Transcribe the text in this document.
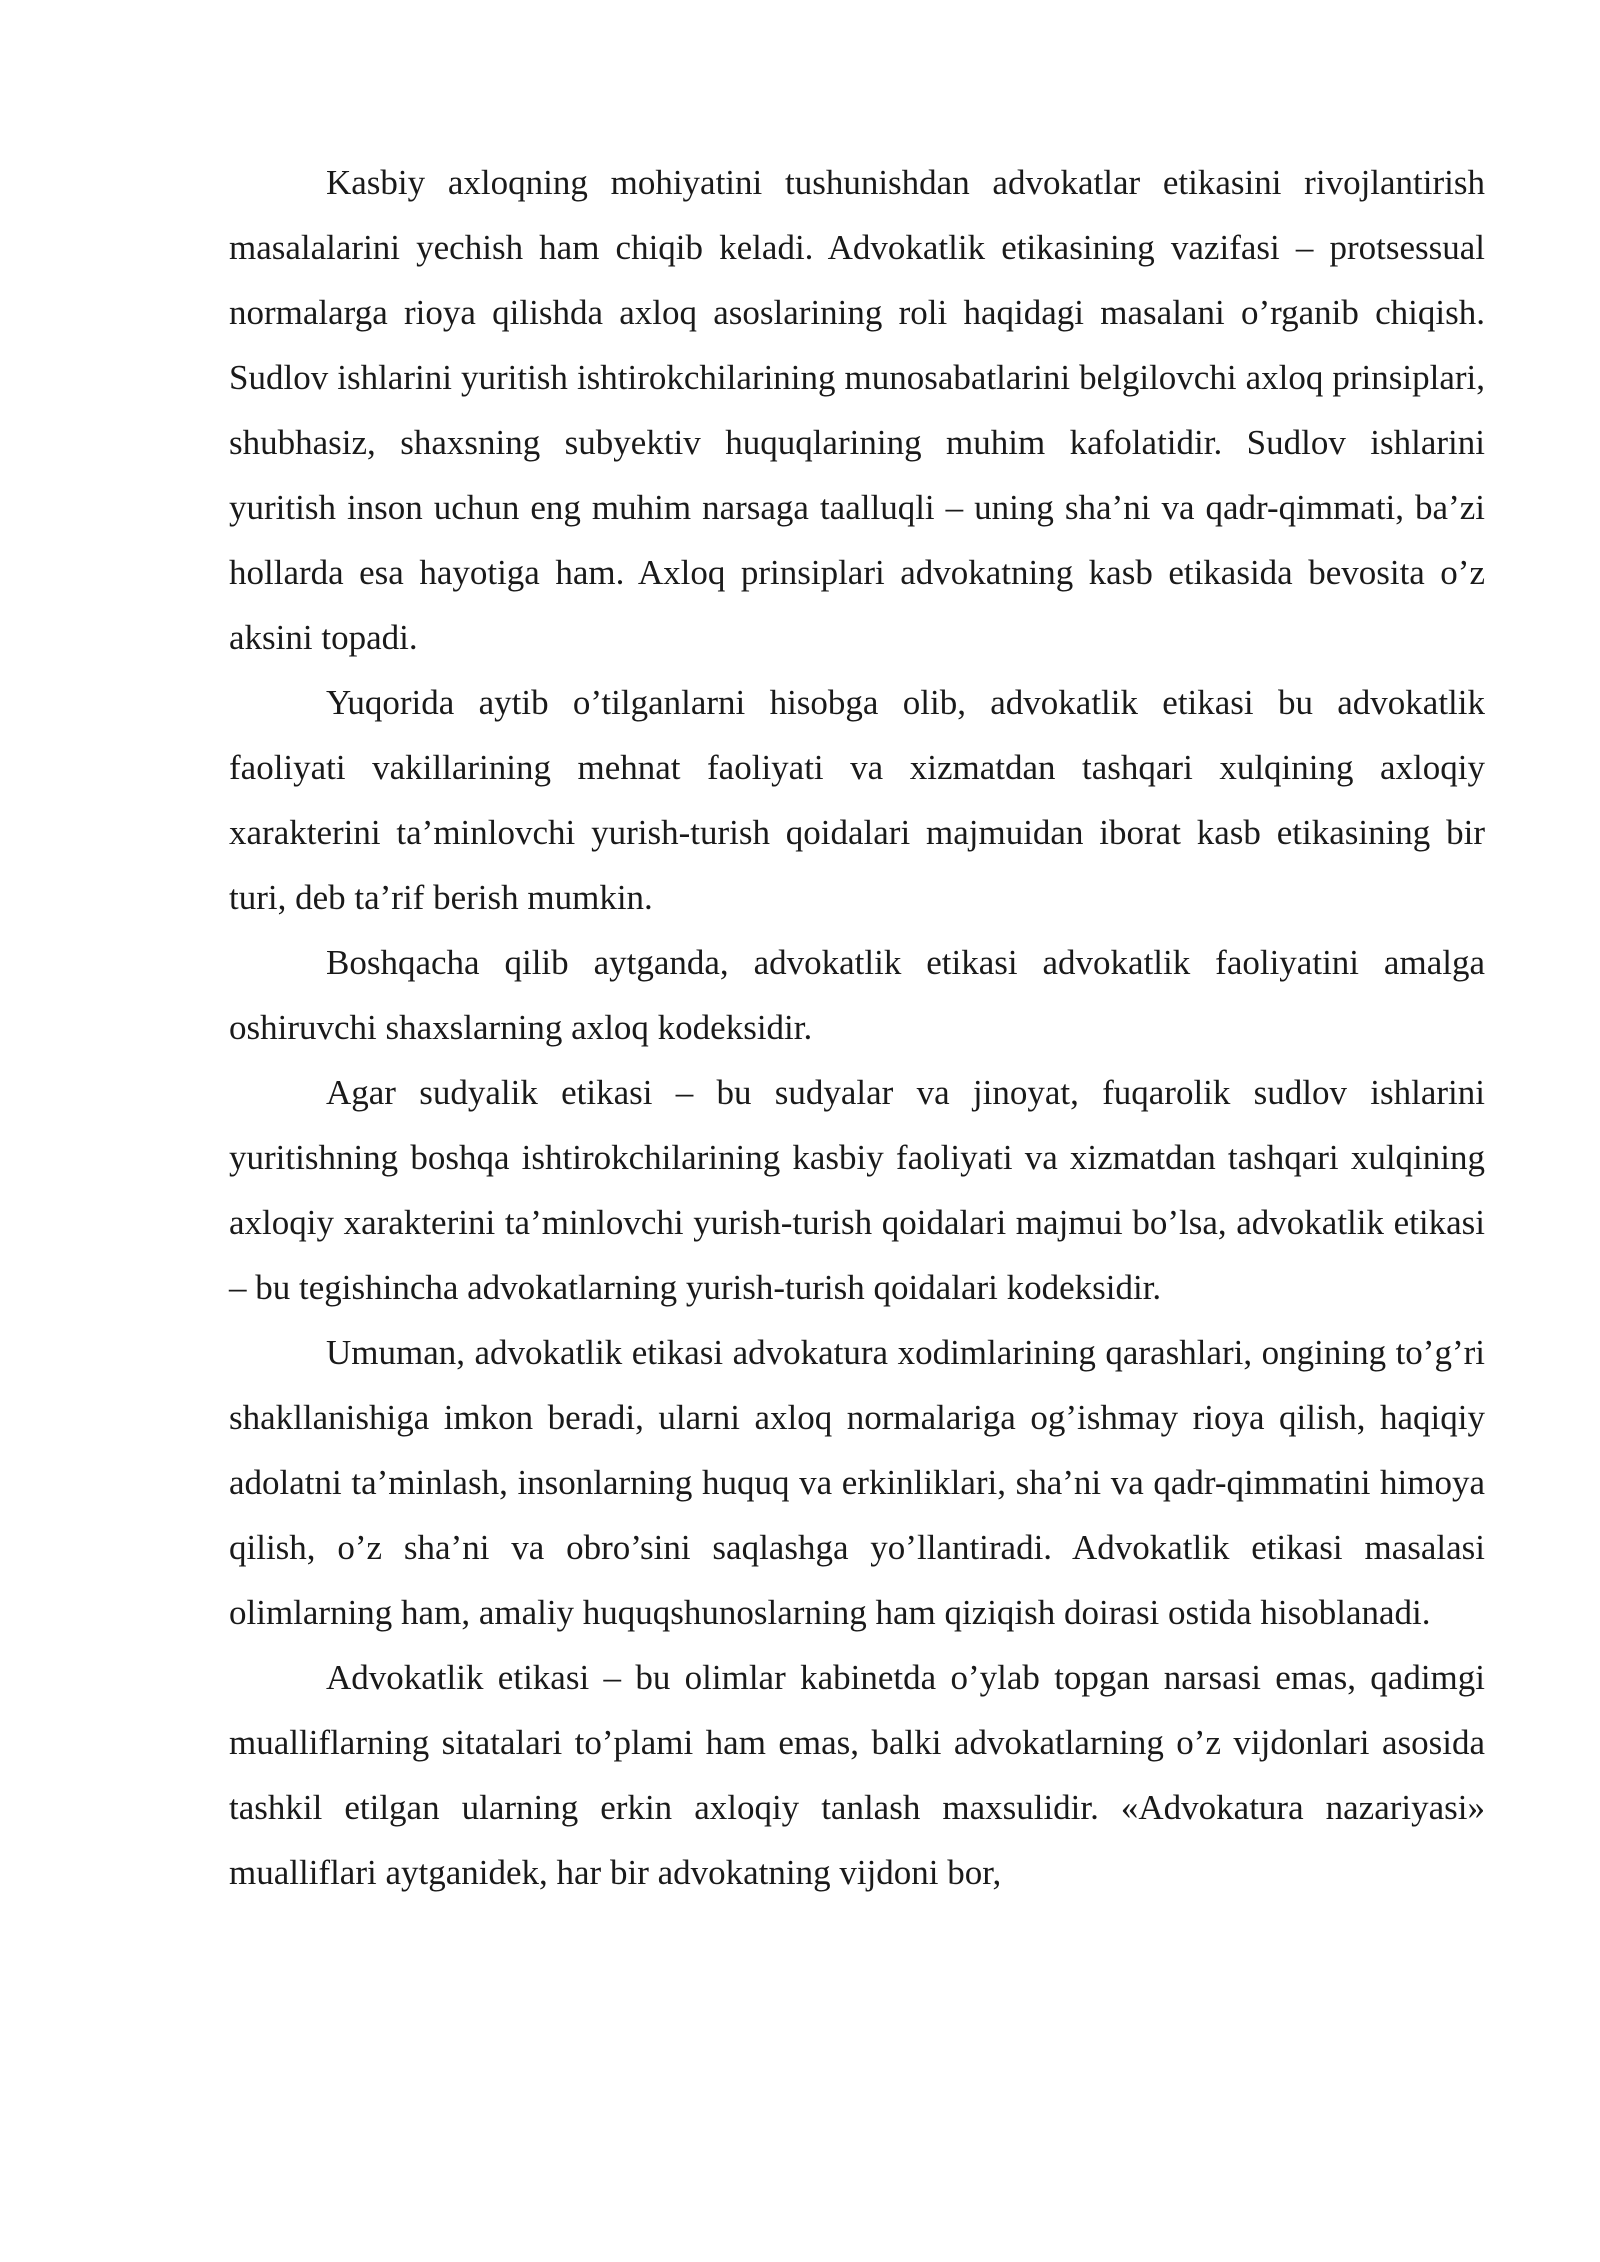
Kasbiy axloqning mohiyatini tushunishdan advokatlar etikasini rivojlantirish masalalarini yechish ham chiqib keladi. Advokatlik etikasining vazifasi – protsessual normalarga rioya qilishda axloq asoslarining roli haqidagi masalani o’rganib chiqish. Sudlov ishlarini yuritish ishtirokchilarining munosabatlarini belgilovchi axloq prinsiplari, shubhasiz, shaxsning subyektiv huquqlarining muhim kafolatidir. Sudlov ishlarini yuritish inson uchun eng muhim narsaga taalluqli – uning sha’ni va qadr-qimmati, ba’zi hollarda esa hayotiga ham. Axloq prinsiplari advokatning kasb etikasida bevosita o’z aksini topadi.

Yuqorida aytib o’tilganlarni hisobga olib, advokatlik etikasi bu advokatlik faoliyati vakillarining mehnat faoliyati va xizmatdan tashqari xulqining axloqiy xarakterini ta’minlovchi yurish-turish qoidalari majmuidan iborat kasb etikasining bir turi, deb ta’rif berish mumkin.

Boshqacha qilib aytganda, advokatlik etikasi advokatlik faoliyatini amalga oshiruvchi shaxslarning axloq kodeksidir.

Agar sudyalik etikasi – bu sudyalar va jinoyat, fuqarolik sudlov ishlarini yuritishning boshqa ishtirokchilarining kasbiy faoliyati va xizmatdan tashqari xulqining axloqiy xarakterini ta’minlovchi yurish-turish qoidalari majmui bo’lsa, advokatlik etikasi – bu tegishincha advokatlarning yurish-turish qoidalari kodeksidir.

Umuman, advokatlik etikasi advokatura xodimlarining qarashlari, ongining to’g’ri shakllanishiga imkon beradi, ularni axloq normalariga og’ishmay rioya qilish, haqiqiy adolatni ta’minlash, insonlarning huquq va erkinliklari, sha’ni va qadr-qimmatini himoya qilish, o’z sha’ni va obro’sini saqlashga yo’llantiradi. Advokatlik etikasi masalasi olimlarning ham, amaliy huquqshunoslarning ham qiziqish doirasi ostida hisoblanadi.

Advokatlik etikasi – bu olimlar kabinetda o’ylab topgan narsasi emas, qadimgi mualliflarning sitatalari to’plami ham emas, balki advokatlarning o’z vijdonlari asosida tashkil etilgan ularning erkin axloqiy tanlash maxsulidir. «Advokatura nazariyasi» mualliflari aytganidek, har bir advokatning vijdoni bor,
